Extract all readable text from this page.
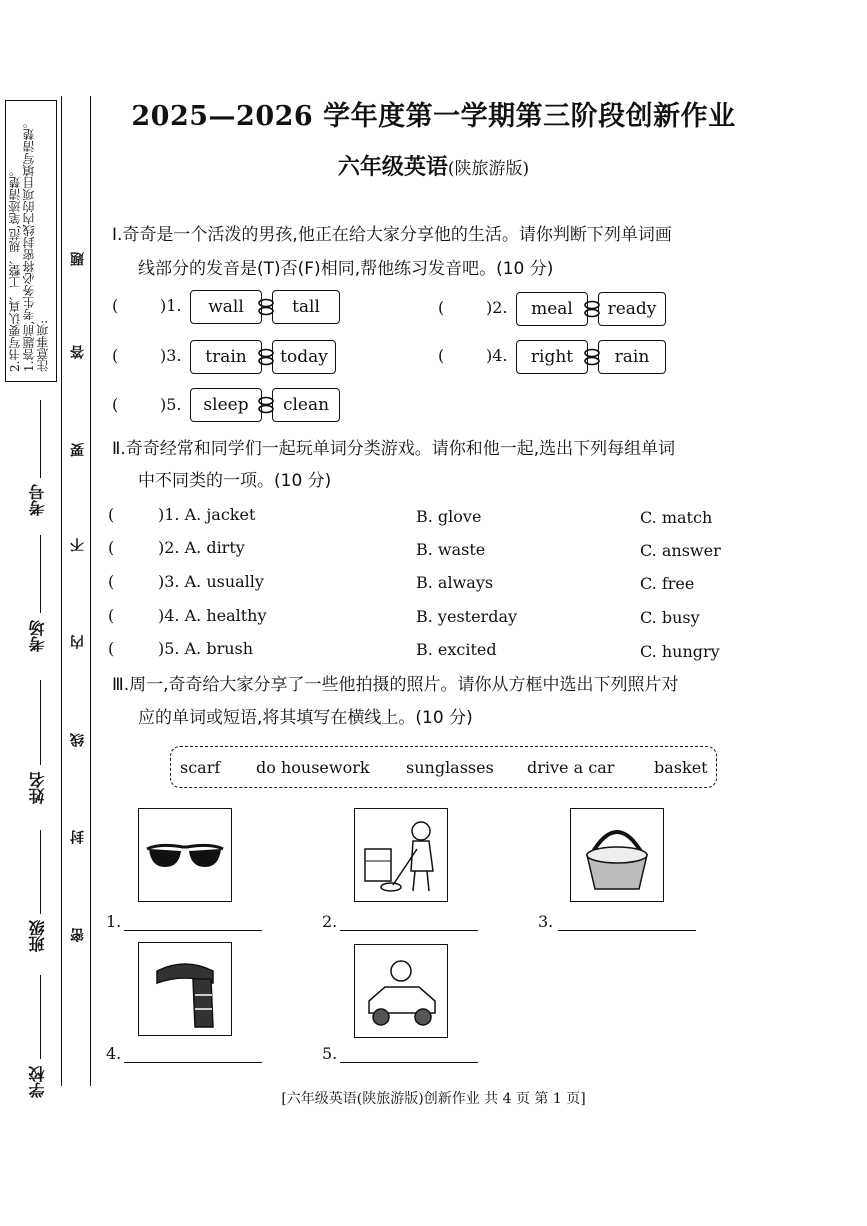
注意事项:
1.答题前,考生务必将密封线内的项目填写清楚。
2.书写要认真、工整、规范,笔迹清楚。	题
答
要
不
内
线
封
密
考号
考场
姓名
班级
学校
2025—2026 学年度第一学期第三阶段创新作业
六年级英语(陕旅游版)
Ⅰ.奇奇是一个活泼的男孩,他正在给大家分享他的生活。请你判断下列单词画
线部分的发音是(T)否(F)相同,帮他练习发音吧。(10 分)
(	)1.	wall	tall	(	)2.	meal	ready
(	)3.	train	today	(	)4.	right	rain
(	)5.	sleep	clean
Ⅱ.奇奇经常和同学们一起玩单词分类游戏。请你和他一起,选出下列每组单词
中不同类的一项。(10 分)
(	)1. A. jacket	B. glove	C. match
(	)2. A. dirty	B. waste	C. answer
(	)3. A. usually	B. always	C. free
(	)4. A. healthy	B. yesterday	C. busy
(	)5. A. brush	B. excited	C. hungry
Ⅲ.周一,奇奇给大家分享了一些他拍摄的照片。请你从方框中选出下列照片对
应的单词或短语,将其填写在横线上。(10 分)
scarf do housework sunglasses drive a car basket
1.	2.	3.
4.	5.
[六年级英语(陕旅游版)创新作业 共 4 页 第 1 页]
